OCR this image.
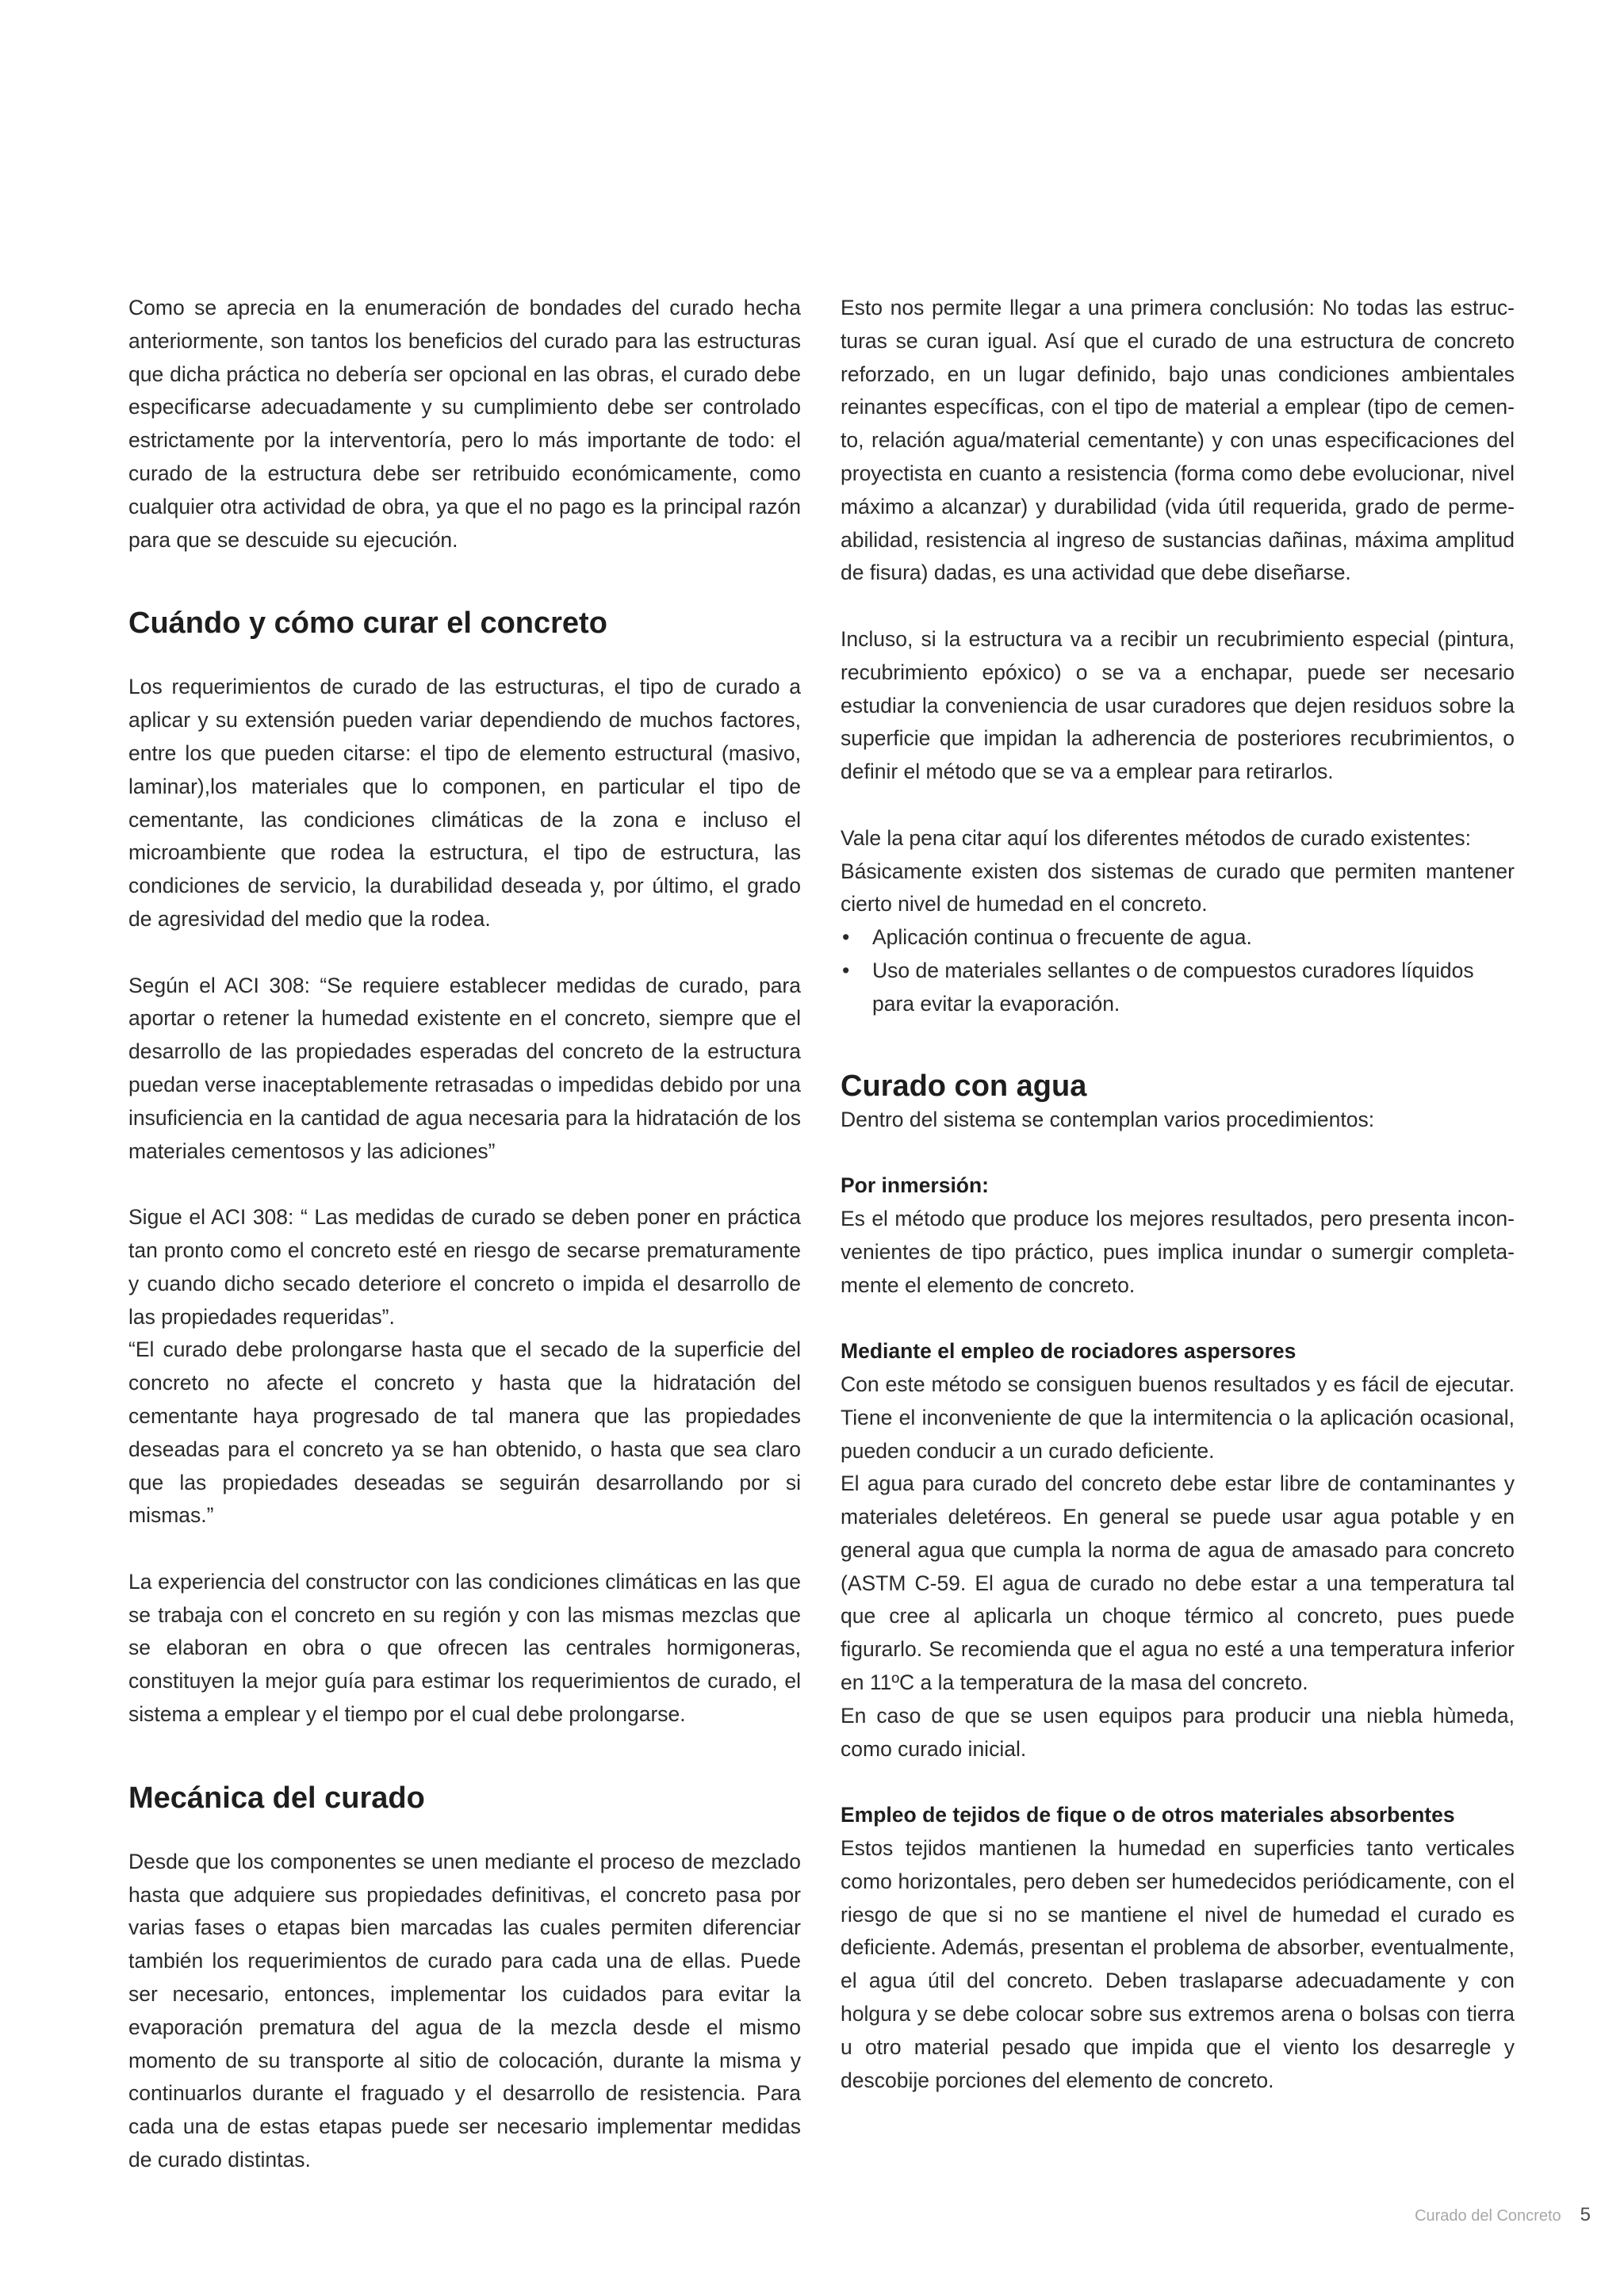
Como se aprecia en la enumeración de bondades del curado hecha anteriormente, son tantos los beneficios del curado para las estructuras que dicha práctica no debería ser opcional en las obras, el curado debe especificarse adecuadamente y su cumplimiento debe ser controlado estrictamente por la interventoría, pero lo más importante de todo: el curado de la estructura debe ser retribuido económicamente, como cualquier otra actividad de obra, ya que el no pago es la principal razón para que se descuide su ejecución.

Cuándo y cómo curar el concreto

Los requerimientos de curado de las estructuras, el tipo de curado a aplicar y su extensión pueden variar dependiendo de muchos factores, entre los que pueden citarse: el tipo de elemento estructural (masivo, laminar),los materiales que lo componen, en particular el tipo de cementante, las condiciones climáticas de la zona e incluso el microambiente que rodea la estructura, el tipo de estructura, las condiciones de servicio, la durabilidad deseada y, por último, el grado de agresividad del medio que la rodea.

Según el ACI 308: “Se requiere establecer medidas de curado, para aportar o retener la humedad existente en el concreto, siempre que el desarrollo de las propiedades esperadas del concreto de la estructura puedan verse inaceptablemente retrasadas o impedidas debido por una insuficiencia en la cantidad de agua necesaria para la hidratación de los materiales cementosos y las adiciones”

Sigue el ACI 308: “ Las medidas de curado se deben poner en práctica tan pronto como el concreto esté en riesgo de secarse prematuramente y cuando dicho secado deteriore el concreto o impida el desarrollo de las propiedades requeridas”.

“El curado debe prolongarse hasta que el secado de la superficie del concreto no afecte el concreto y hasta que la hidratación del cementante haya progresado de tal manera que las propiedades deseadas para el concreto ya se han obtenido, o hasta que sea claro que las propiedades deseadas se seguirán desarrollando por si mismas.”

La experiencia del constructor con las condiciones climáticas en las que se trabaja con el concreto en su región y con las mismas mezclas que se elaboran en obra o que ofrecen las centrales hormigoneras, constituyen la mejor guía para estimar los requerimientos de curado, el sistema a emplear y el tiempo por el cual debe prolongarse.

Mecánica del curado

Desde que los componentes se unen mediante el proceso de mezclado hasta que adquiere sus propiedades definitivas, el concreto pasa por varias fases o etapas bien marcadas las cuales permiten diferenciar también los requerimientos de curado para cada una de ellas. Puede ser necesario, entonces, implementar los cuidados para evitar la evaporación prematura del agua de la mezcla desde el mismo momento de su transporte al sitio de colocación, durante la misma y continuarlos durante el fraguado y el desarrollo de resistencia. Para cada una de estas etapas puede ser necesario implementar medidas de curado distintas.

Esto nos permite llegar a una primera conclusión: No todas las estructuras se curan igual. Así que el curado de una estructura de concreto reforzado, en un lugar definido, bajo unas condiciones ambientales reinantes específicas, con el tipo de material a emplear (tipo de cemento, relación agua/material cementante) y con unas especificaciones del proyectista en cuanto a resistencia (forma como debe evolucionar, nivel máximo a alcanzar) y durabilidad (vida útil requerida, grado de permeabilidad, resistencia al ingreso de sustancias dañinas, máxima amplitud de fisura) dadas, es una actividad que debe diseñarse.

Incluso, si la estructura va a recibir un recubrimiento especial (pintura, recubrimiento epóxico) o se va a enchapar, puede ser necesario estudiar la conveniencia de usar curadores que dejen residuos sobre la superficie que impidan la adherencia de posteriores recubrimientos, o definir el método que se va a emplear para retirarlos.

Vale la pena citar aquí los diferentes métodos de curado existentes:

Básicamente existen dos sistemas de curado que permiten mantener cierto nivel de humedad en el concreto.

• Aplicación continua o frecuente de agua.
• Uso de materiales sellantes o de compuestos curadores líquidos para evitar la evaporación.
Curado con agua

Dentro del sistema se contemplan varios procedimientos:

Por inmersión:

Es el método que produce los mejores resultados, pero presenta inconvenientes de tipo práctico, pues implica inundar o sumergir completamente el elemento de concreto.

Mediante el empleo de rociadores aspersores

Con este método se consiguen buenos resultados y es fácil de ejecutar. Tiene el inconveniente de que la intermitencia o la aplicación ocasional, pueden conducir a un curado deficiente.

El agua para curado del concreto debe estar libre de contaminantes y materiales deletéreos. En general se puede usar agua potable y en general agua que cumpla la norma de agua de amasado para concreto (ASTM C-59. El agua de curado no debe estar a una temperatura tal que cree al aplicarla un choque térmico al concreto, pues puede figurarlo. Se recomienda que el agua no esté a una temperatura inferior en 11ºC a la temperatura de la masa del concreto.

En caso de que se usen equipos para producir una niebla hùmeda, como curado inicial.

Empleo de tejidos de fique o de otros materiales absorbentes

Estos tejidos mantienen la humedad en superficies tanto verticales como horizontales, pero deben ser humedecidos periódicamente, con el riesgo de que si no se mantiene el nivel de humedad el curado es deficiente. Además, presentan el problema de absorber, eventualmente, el agua útil del concreto. Deben traslaparse adecuadamente y con holgura y se debe colocar sobre sus extremos arena o bolsas con tierra u otro material pesado que impida que el viento los desarregle y descobije porciones del elemento de concreto.

Curado del Concreto 5
